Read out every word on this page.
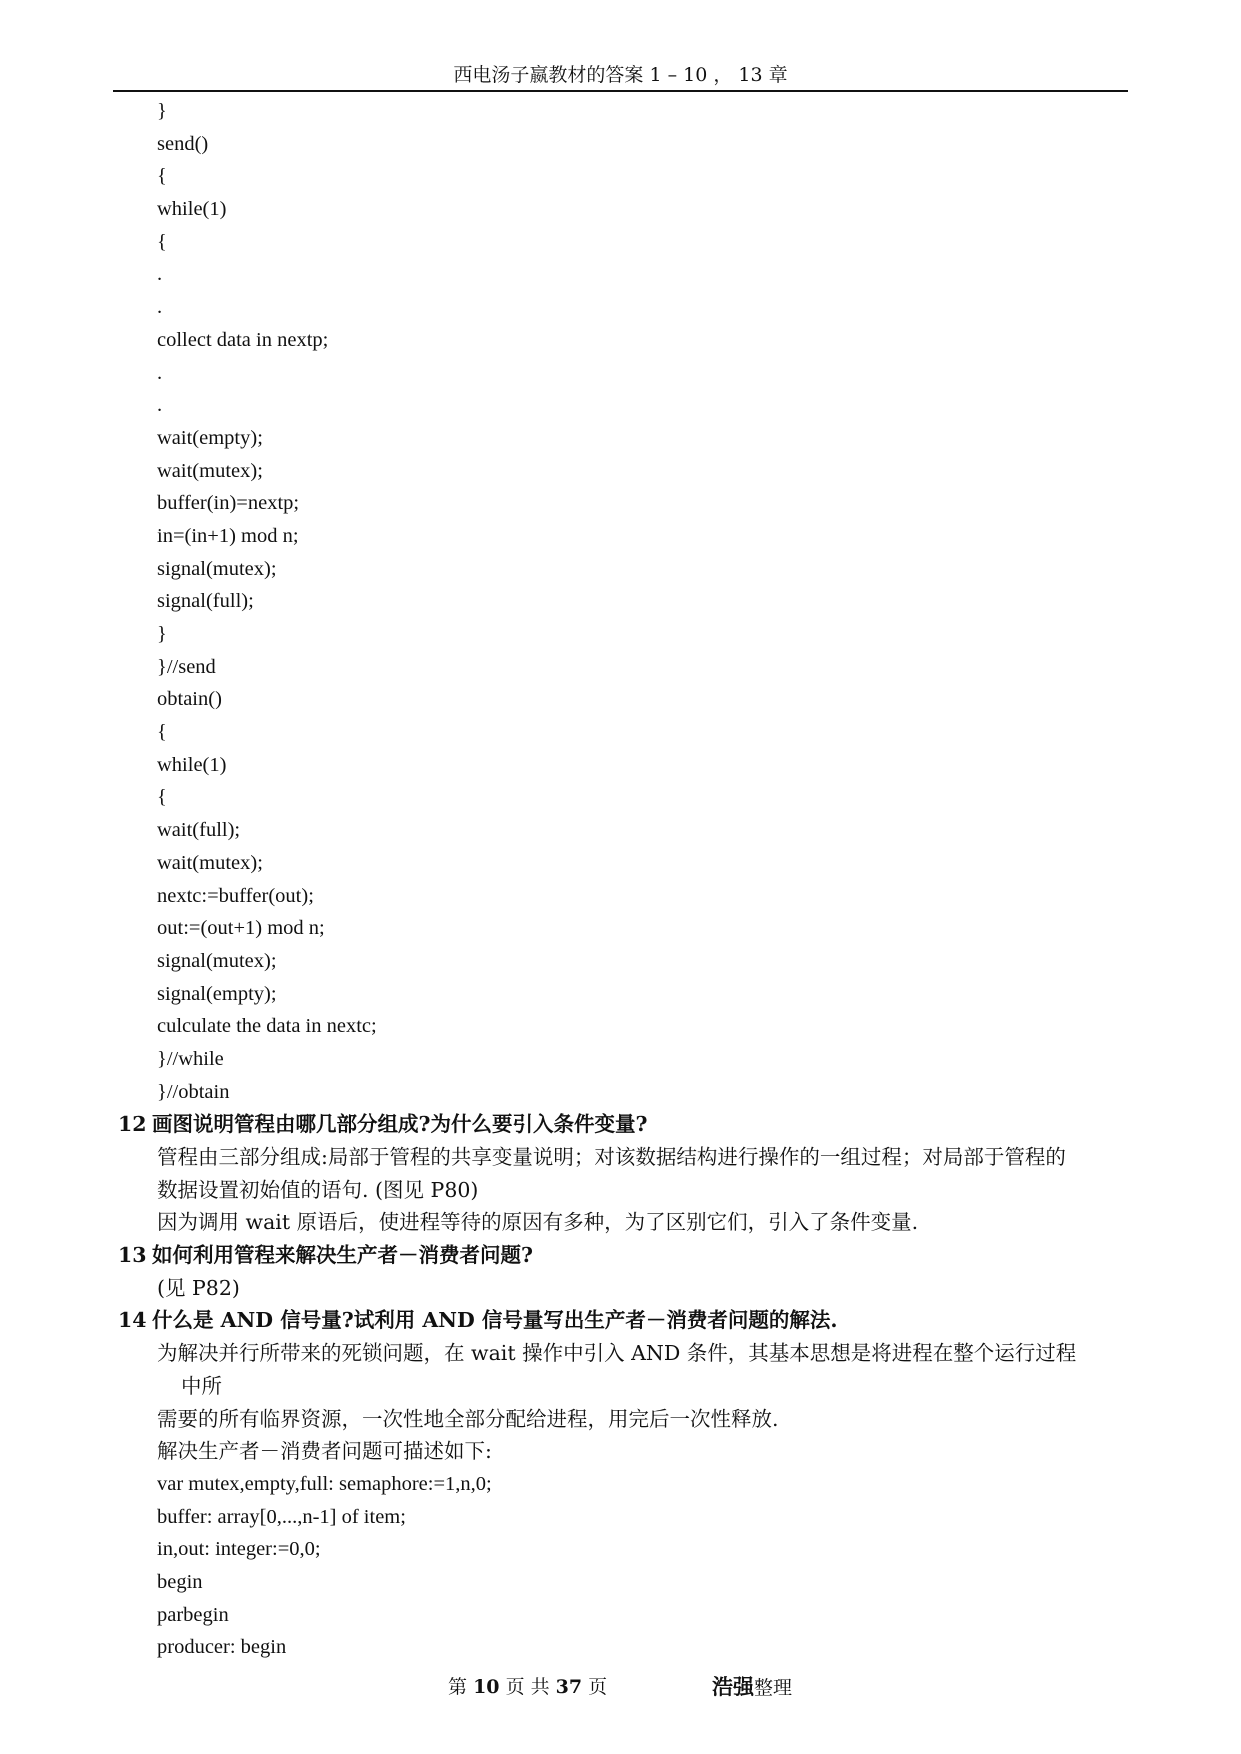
西电汤子嬴教材的答案 1 – 10 ， 13 章
}
send()
{
while(1)
{
.
.
collect data in nextp;
.
.
wait(empty);
wait(mutex);
buffer(in)=nextp;
in=(in+1) mod n;
signal(mutex);
signal(full);
}
}//send
obtain()
{
while(1)
{
wait(full);
wait(mutex);
nextc:=buffer(out);
out:=(out+1) mod n;
signal(mutex);
signal(empty);
culculate the data in nextc;
}//while
}//obtain
12 画图说明管程由哪几部分组成?为什么要引入条件变量?
管程由三部分组成:局部于管程的共享变量说明；对该数据结构进行操作的一组过程；对局部于管程的
数据设置初始值的语句. (图见 P80)
因为调用 wait 原语后，使进程等待的原因有多种，为了区别它们，引入了条件变量.
13 如何利用管程来解决生产者－消费者问题?
(见 P82)
14 什么是 AND 信号量?试利用 AND 信号量写出生产者－消费者问题的解法.
为解决并行所带来的死锁问题，在 wait 操作中引入 AND 条件，其基本思想是将进程在整个运行过程
中所
需要的所有临界资源，一次性地全部分配给进程，用完后一次性释放.
解决生产者－消费者问题可描述如下:
var mutex,empty,full: semaphore:=1,n,0;
buffer: array[0,...,n-1] of item;
in,out: integer:=0,0;
begin
parbegin
producer: begin
第 10 页 共 37 页	浩强整理
